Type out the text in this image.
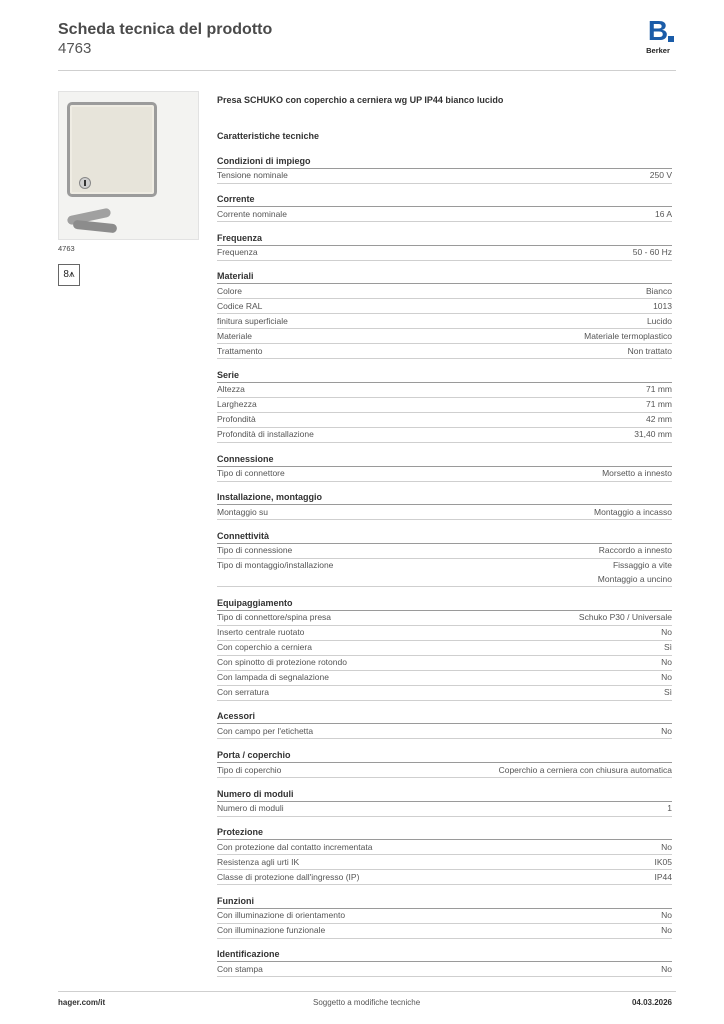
Scheda tecnica del prodotto
4763
B
Berker
4763
8⩚
Presa SCHUKO con coperchio a cerniera wg UP IP44 bianco lucido
Caratteristiche tecniche
Condizioni di impiego
Tensione nominale	250 V
Corrente
Corrente nominale	16 A
Frequenza
Frequenza	50 - 60 Hz
Materiali
Colore	Bianco
Codice RAL	1013
finitura superficiale	Lucido
Materiale	Materiale termoplastico
Trattamento	Non trattato
Serie
Altezza	71 mm
Larghezza	71 mm
Profondità	42 mm
Profondità di installazione	31,40 mm
Connessione
Tipo di connettore	Morsetto a innesto
Installazione, montaggio
Montaggio su	Montaggio a incasso
Connettività
Tipo di connessione	Raccordo a innesto
Tipo di montaggio/installazione	Fissaggio a vite
Montaggio a uncino
Equipaggiamento
Tipo di connettore/spina presa	Schuko P30 / Universale
Inserto centrale ruotato	No
Con coperchio a cerniera	Sì
Con spinotto di protezione rotondo	No
Con lampada di segnalazione	No
Con serratura	Sì
Acessori
Con campo per l'etichetta	No
Porta / coperchio
Tipo di coperchio	Coperchio a cerniera con chiusura automatica
Numero di moduli
Numero di moduli	1
Protezione
Con protezione dal contatto incrementata	No
Resistenza agli urti IK	IK05
Classe di protezione dall'ingresso (IP)	IP44
Funzioni
Con illuminazione di orientamento	No
Con illuminazione funzionale	No
Identificazione
Con stampa	No
hager.com/it	Soggetto a modifiche tecniche	04.03.2026
